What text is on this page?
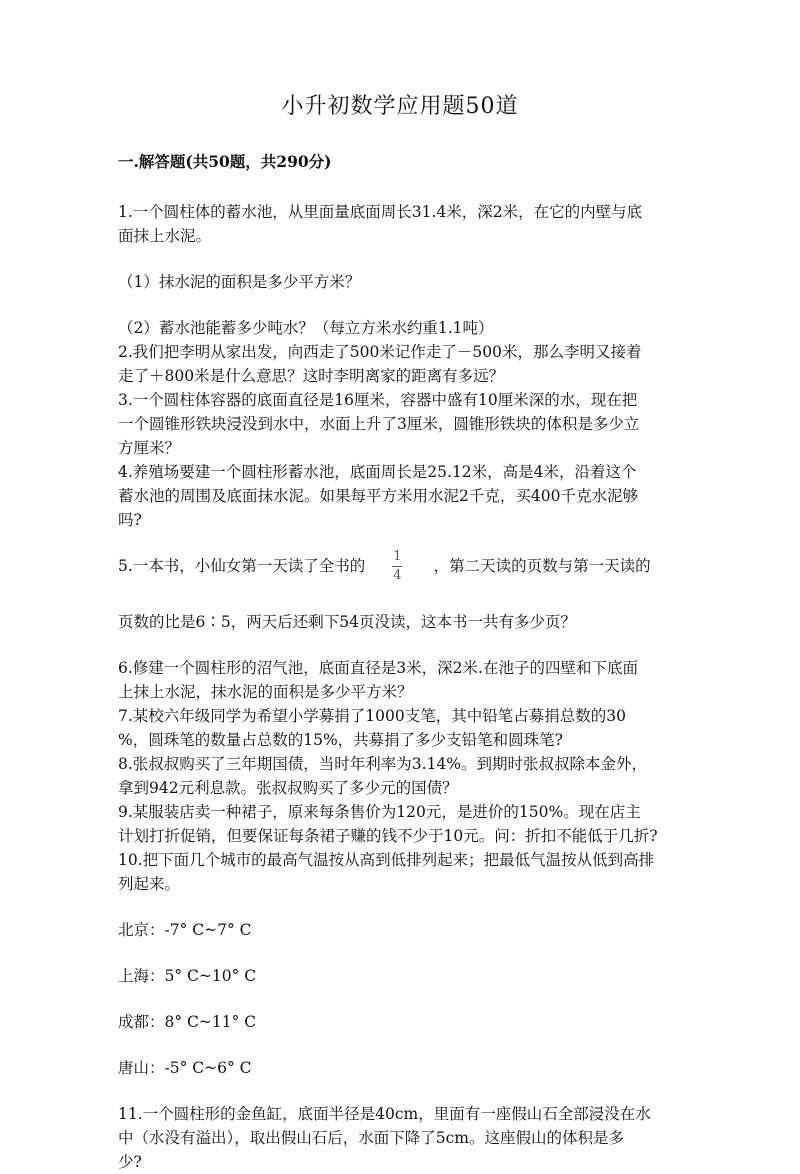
小升初数学应用题50道
一.解答题(共50题，共290分)

1.一个圆柱体的蓄水池，从里面量底面周长31.4米，深2米，在它的内壁与底

面抹上水泥。

（1）抹水泥的面积是多少平方米？

（2）蓄水池能蓄多少吨水？（每立方米水约重1.1吨）

2.我们把李明从家出发，向西走了500米记作走了－500米，那么李明又接着

走了＋800米是什么意思？这时李明离家的距离有多远？

3.一个圆柱体容器的底面直径是16厘米，容器中盛有10厘米深的水，现在把

一个圆锥形铁块浸没到水中，水面上升了3厘米，圆锥形铁块的体积是多少立

方厘米？

4.养殖场要建一个圆柱形蓄水池，底面周长是25.12米，高是4米，沿着这个

蓄水池的周围及底面抹水泥。如果每平方米用水泥2千克，买400千克水泥够

吗?

5.一本书，小仙女第一天读了全书的 $\frac{1}{4}$ ，第二天读的页数与第一天读的

页数的比是6∶5，两天后还剩下54页没读，这本书一共有多少页？

6.修建一个圆柱形的沼气池，底面直径是3米，深2米.在池子的四壁和下底面

上抹上水泥，抹水泥的面积是多少平方米？

7.某校六年级同学为希望小学募捐了1000支笔，其中铅笔占募捐总数的30

%，圆珠笔的数量占总数的15%，共募捐了多少支铅笔和圆珠笔?

8.张叔叔购买了三年期国债，当时年利率为3.14%。到期时张叔叔除本金外，

拿到942元利息款。张叔叔购买了多少元的国债？

9.某服装店卖一种裙子，原来每条售价为120元，是进价的150%。现在店主

计划打折促销，但要保证每条裙子赚的钱不少于10元。问：折扣不能低于几折?

10.把下面几个城市的最高气温按从高到低排列起来；把最低气温按从低到高排

列起来。

北京：-7° C~7° C

上海：5° C~10° C

成都：8° C~11° C

唐山：-5° C~6° C

11.一个圆柱形的金鱼缸，底面半径是40cm，里面有一座假山石全部浸没在水

中（水没有溢出），取出假山石后，水面下降了5cm。这座假山的体积是多

少?
